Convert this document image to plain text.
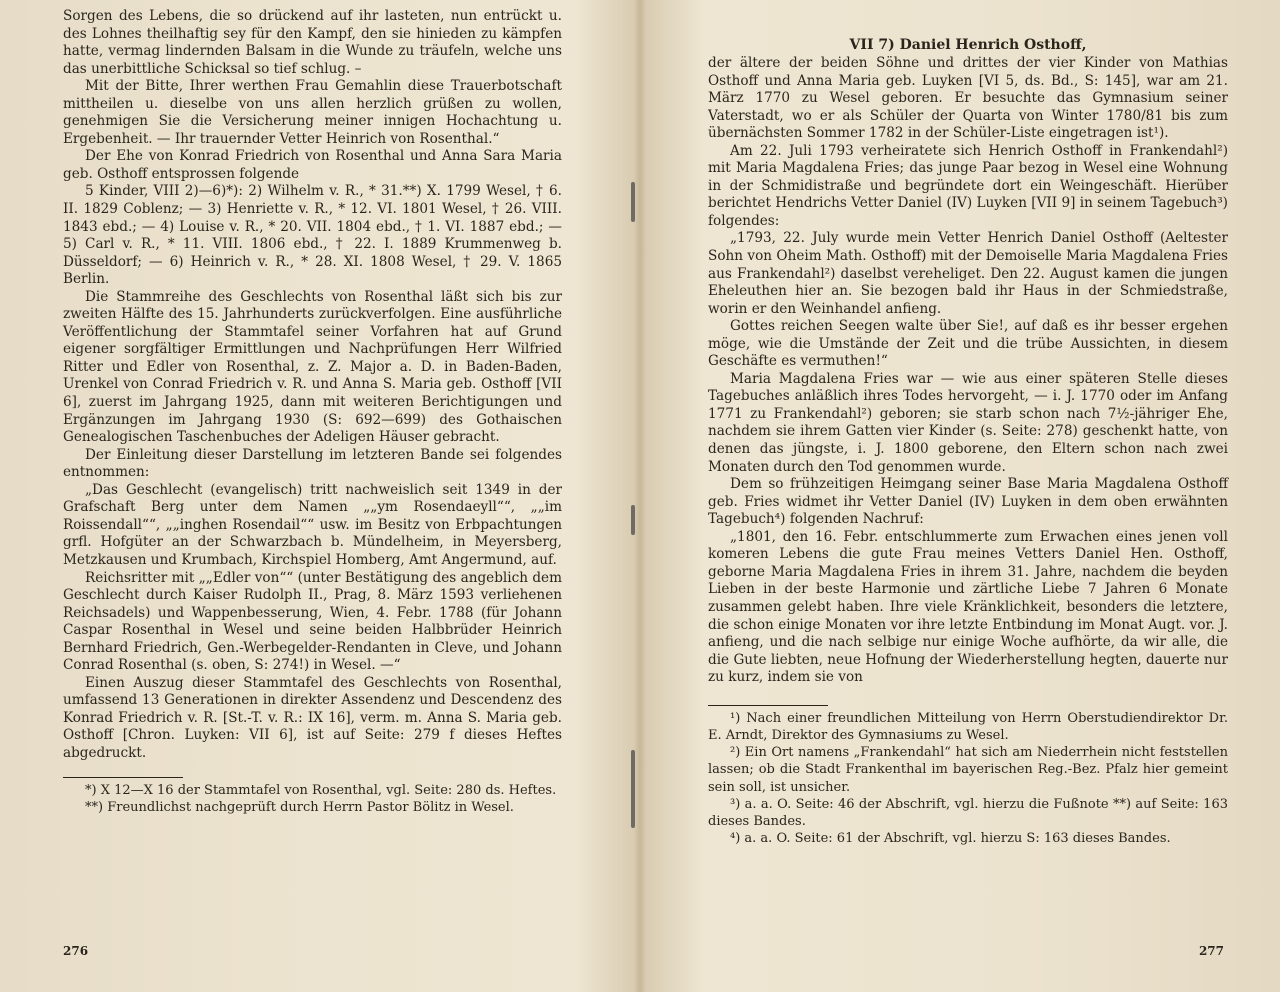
Sorgen des Lebens, die so drückend auf ihr lasteten, nun entrückt u. des Lohnes theilhaftig sey für den Kampf, den sie hinieden zu kämpfen hatte, vermag lindernden Balsam in die Wunde zu träufeln, welche uns das unerbittliche Schicksal so tief schlug. –

Mit der Bitte, Ihrer werthen Frau Gemahlin diese Trauerbotschaft mittheilen u. dieselbe von uns allen herzlich grüßen zu wollen, genehmigen Sie die Versicherung meiner innigen Hochachtung u. Ergebenheit. — Ihr trauernder Vetter Heinrich von Rosenthal.“

Der Ehe von Konrad Friedrich von Rosenthal und Anna Sara Maria geb. Osthoff entsprossen folgende

5 Kinder, VIII 2)—6)*): 2) Wilhelm v. R., * 31.**) X. 1799 Wesel, † 6. II. 1829 Coblenz; — 3) Henriette v. R., * 12. VI. 1801 Wesel, † 26. VIII. 1843 ebd.; — 4) Louise v. R., * 20. VII. 1804 ebd., † 1. VI. 1887 ebd.; — 5) Carl v. R., * 11. VIII. 1806 ebd., † 22. I. 1889 Krummenweg b. Düsseldorf; — 6) Heinrich v. R., * 28. XI. 1808 Wesel, † 29. V. 1865 Berlin.

Die Stammreihe des Geschlechts von Rosenthal läßt sich bis zur zweiten Hälfte des 15. Jahrhunderts zurückverfolgen. Eine ausführliche Veröffentlichung der Stammtafel seiner Vorfahren hat auf Grund eigener sorgfältiger Ermittlungen und Nachprüfungen Herr Wilfried Ritter und Edler von Rosenthal, z. Z. Major a. D. in Baden-Baden, Urenkel von Conrad Friedrich v. R. und Anna S. Maria geb. Osthoff [VII 6], zuerst im Jahrgang 1925, dann mit weiteren Berichtigungen und Ergänzungen im Jahrgang 1930 (S: 692—699) des Gothaischen Genealogischen Taschenbuches der Adeligen Häuser gebracht.

Der Einleitung dieser Darstellung im letzteren Bande sei folgendes entnommen:

„Das Geschlecht (evangelisch) tritt nachweislich seit 1349 in der Grafschaft Berg unter dem Namen „„ym Rosendaeyll““, „„im Roissendall““, „„inghen Rosendail““ usw. im Besitz von Erbpachtungen grfl. Hofgüter an der Schwarzbach b. Mündelheim, in Meyersberg, Metzkausen und Krumbach, Kirchspiel Homberg, Amt Angermund, auf.

Reichsritter mit „„Edler von““ (unter Bestätigung des angeblich dem Geschlecht durch Kaiser Rudolph II., Prag, 8. März 1593 verliehenen Reichsadels) und Wappenbesserung, Wien, 4. Febr. 1788 (für Johann Caspar Rosenthal in Wesel und seine beiden Halbbrüder Heinrich Bernhard Friedrich, Gen.-Werbegelder-Rendanten in Cleve, und Johann Conrad Rosenthal (s. oben, S: 274!) in Wesel. —“

Einen Auszug dieser Stammtafel des Geschlechts von Rosenthal, umfassend 13 Generationen in direkter Assendenz und Descendenz des Konrad Friedrich v. R. [St.-T. v. R.: IX 16], verm. m. Anna S. Maria geb. Osthoff [Chron. Luyken: VII 6], ist auf Seite: 279 f dieses Heftes abgedruckt.

*) X 12—X 16 der Stammtafel von Rosenthal, vgl. Seite: 280 ds. Heftes.

**) Freundlichst nachgeprüft durch Herrn Pastor Bölitz in Wesel.

276
VII 7) Daniel Henrich Osthoff,

der ältere der beiden Söhne und drittes der vier Kinder von Mathias Osthoff und Anna Maria geb. Luyken [VI 5, ds. Bd., S: 145], war am 21. März 1770 zu Wesel geboren. Er besuchte das Gymnasium seiner Vaterstadt, wo er als Schüler der Quarta von Winter 1780/81 bis zum übernächsten Sommer 1782 in der Schüler-Liste eingetragen ist¹).

Am 22. Juli 1793 verheiratete sich Henrich Osthoff in Frankendahl²) mit Maria Magdalena Fries; das junge Paar bezog in Wesel eine Wohnung in der Schmidistraße und begründete dort ein Weingeschäft. Hierüber berichtet Hendrichs Vetter Daniel (IV) Luyken [VII 9] in seinem Tagebuch³) folgendes:

„1793, 22. July wurde mein Vetter Henrich Daniel Osthoff (Aeltester Sohn von Oheim Math. Osthoff) mit der Demoiselle Maria Magdalena Fries aus Frankendahl²) daselbst vereheliget. Den 22. August kamen die jungen Eheleuthen hier an. Sie bezogen bald ihr Haus in der Schmiedstraße, worin er den Weinhandel anfieng.

Gottes reichen Seegen walte über Sie!, auf daß es ihr besser ergehen möge, wie die Umstände der Zeit und die trübe Aussichten, in diesem Geschäfte es vermuthen!“

Maria Magdalena Fries war — wie aus einer späteren Stelle dieses Tagebuches anläßlich ihres Todes hervorgeht, — i. J. 1770 oder im Anfang 1771 zu Frankendahl²) geboren; sie starb schon nach 7½-jähriger Ehe, nachdem sie ihrem Gatten vier Kinder (s. Seite: 278) geschenkt hatte, von denen das jüngste, i. J. 1800 geborene, den Eltern schon nach zwei Monaten durch den Tod genommen wurde.

Dem so frühzeitigen Heimgang seiner Base Maria Magdalena Osthoff geb. Fries widmet ihr Vetter Daniel (IV) Luyken in dem oben erwähnten Tagebuch⁴) folgenden Nachruf:

„1801, den 16. Febr. entschlummerte zum Erwachen eines jenen voll komeren Lebens die gute Frau meines Vetters Daniel Hen. Osthoff, geborne Maria Magdalena Fries in ihrem 31. Jahre, nachdem die beyden Lieben in der beste Harmonie und zärtliche Liebe 7 Jahren 6 Monate zusammen gelebt haben. Ihre viele Kränklichkeit, besonders die letztere, die schon einige Monaten vor ihre letzte Entbindung im Monat Augt. vor. J. anfieng, und die nach selbige nur einige Woche aufhörte, da wir alle, die die Gute liebten, neue Hofnung der Wiederherstellung hegten, dauerte nur zu kurz, indem sie von

¹) Nach einer freundlichen Mitteilung von Herrn Oberstudiendirektor Dr. E. Arndt, Direktor des Gymnasiums zu Wesel.

²) Ein Ort namens „Frankendahl“ hat sich am Niederrhein nicht feststellen lassen; ob die Stadt Frankenthal im bayerischen Reg.-Bez. Pfalz hier gemeint sein soll, ist unsicher.

³) a. a. O. Seite: 46 der Abschrift, vgl. hierzu die Fußnote **) auf Seite: 163 dieses Bandes.

⁴) a. a. O. Seite: 61 der Abschrift, vgl. hierzu S: 163 dieses Bandes.

277
